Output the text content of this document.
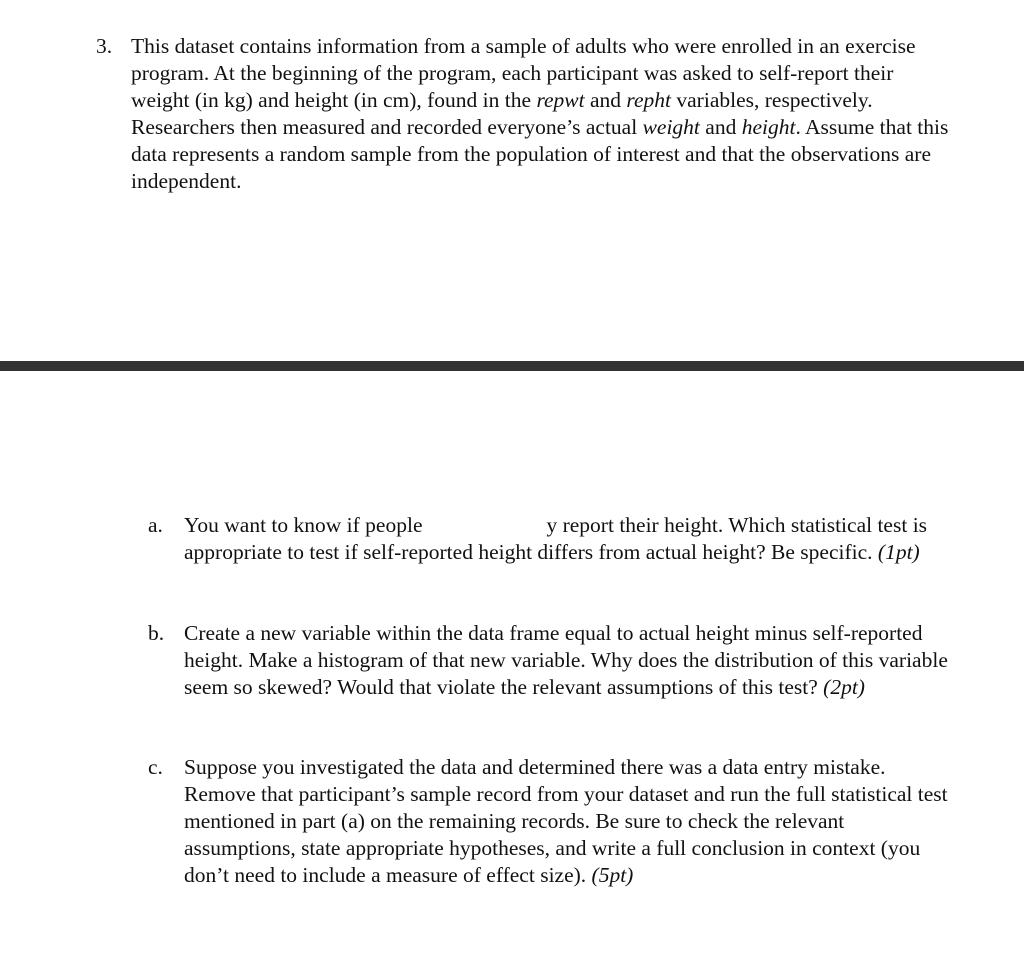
3. This dataset contains information from a sample of adults who were enrolled in an exercise program. At the beginning of the program, each participant was asked to self-report their weight (in kg) and height (in cm), found in the repwt and repht variables, respectively. Researchers then measured and recorded everyone’s actual weight and height. Assume that this data represents a random sample from the population of interest and that the observations are independent.
a. You want to know if people	y report their height. Which statistical test is appropriate to test if self-reported height differs from actual height? Be specific. (1pt)
b. Create a new variable within the data frame equal to actual height minus self-reported height. Make a histogram of that new variable. Why does the distribution of this variable seem so skewed? Would that violate the relevant assumptions of this test? (2pt)
c. Suppose you investigated the data and determined there was a data entry mistake. Remove that participant’s sample record from your dataset and run the full statistical test mentioned in part (a) on the remaining records. Be sure to check the relevant assumptions, state appropriate hypotheses, and write a full conclusion in context (you don’t need to include a measure of effect size). (5pt)
